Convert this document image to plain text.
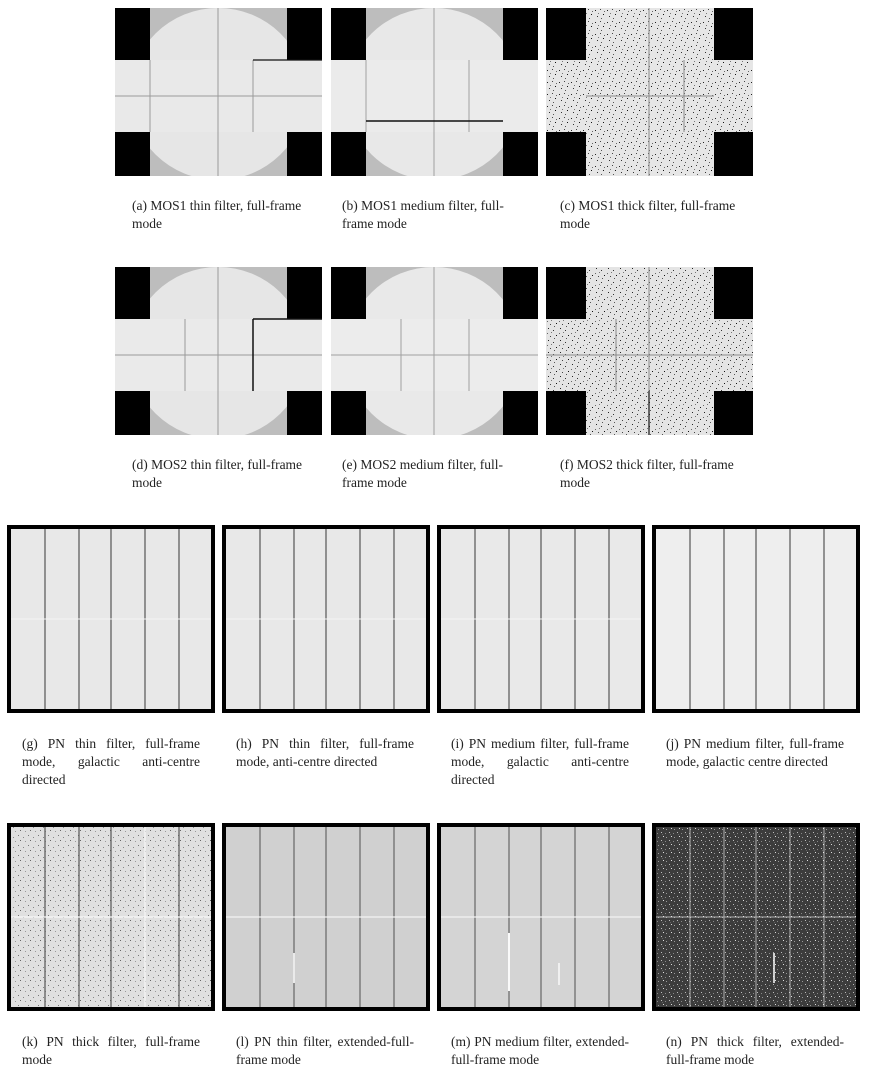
(a) MOS1 thin filter, full-frame mode
(b) MOS1 medium filter, full-frame mode
(c) MOS1 thick filter, full-frame mode
(d) MOS2 thin filter, full-frame mode
(e) MOS2 medium filter, full-frame mode
(f) MOS2 thick filter, full-frame mode
(g) PN thin filter, full-frame mode, galactic anti-centre directed
(h) PN thin filter, full-frame mode, anti-centre directed
(i) PN medium filter, full-frame mode, galactic anti-centre directed
(j) PN medium filter, full-frame mode, galactic centre directed
(k) PN thick filter, full-frame mode
(l) PN thin filter, extended-full-frame mode
(m) PN medium filter, extended-full-frame mode
(n) PN thick filter, extended-full-frame mode
